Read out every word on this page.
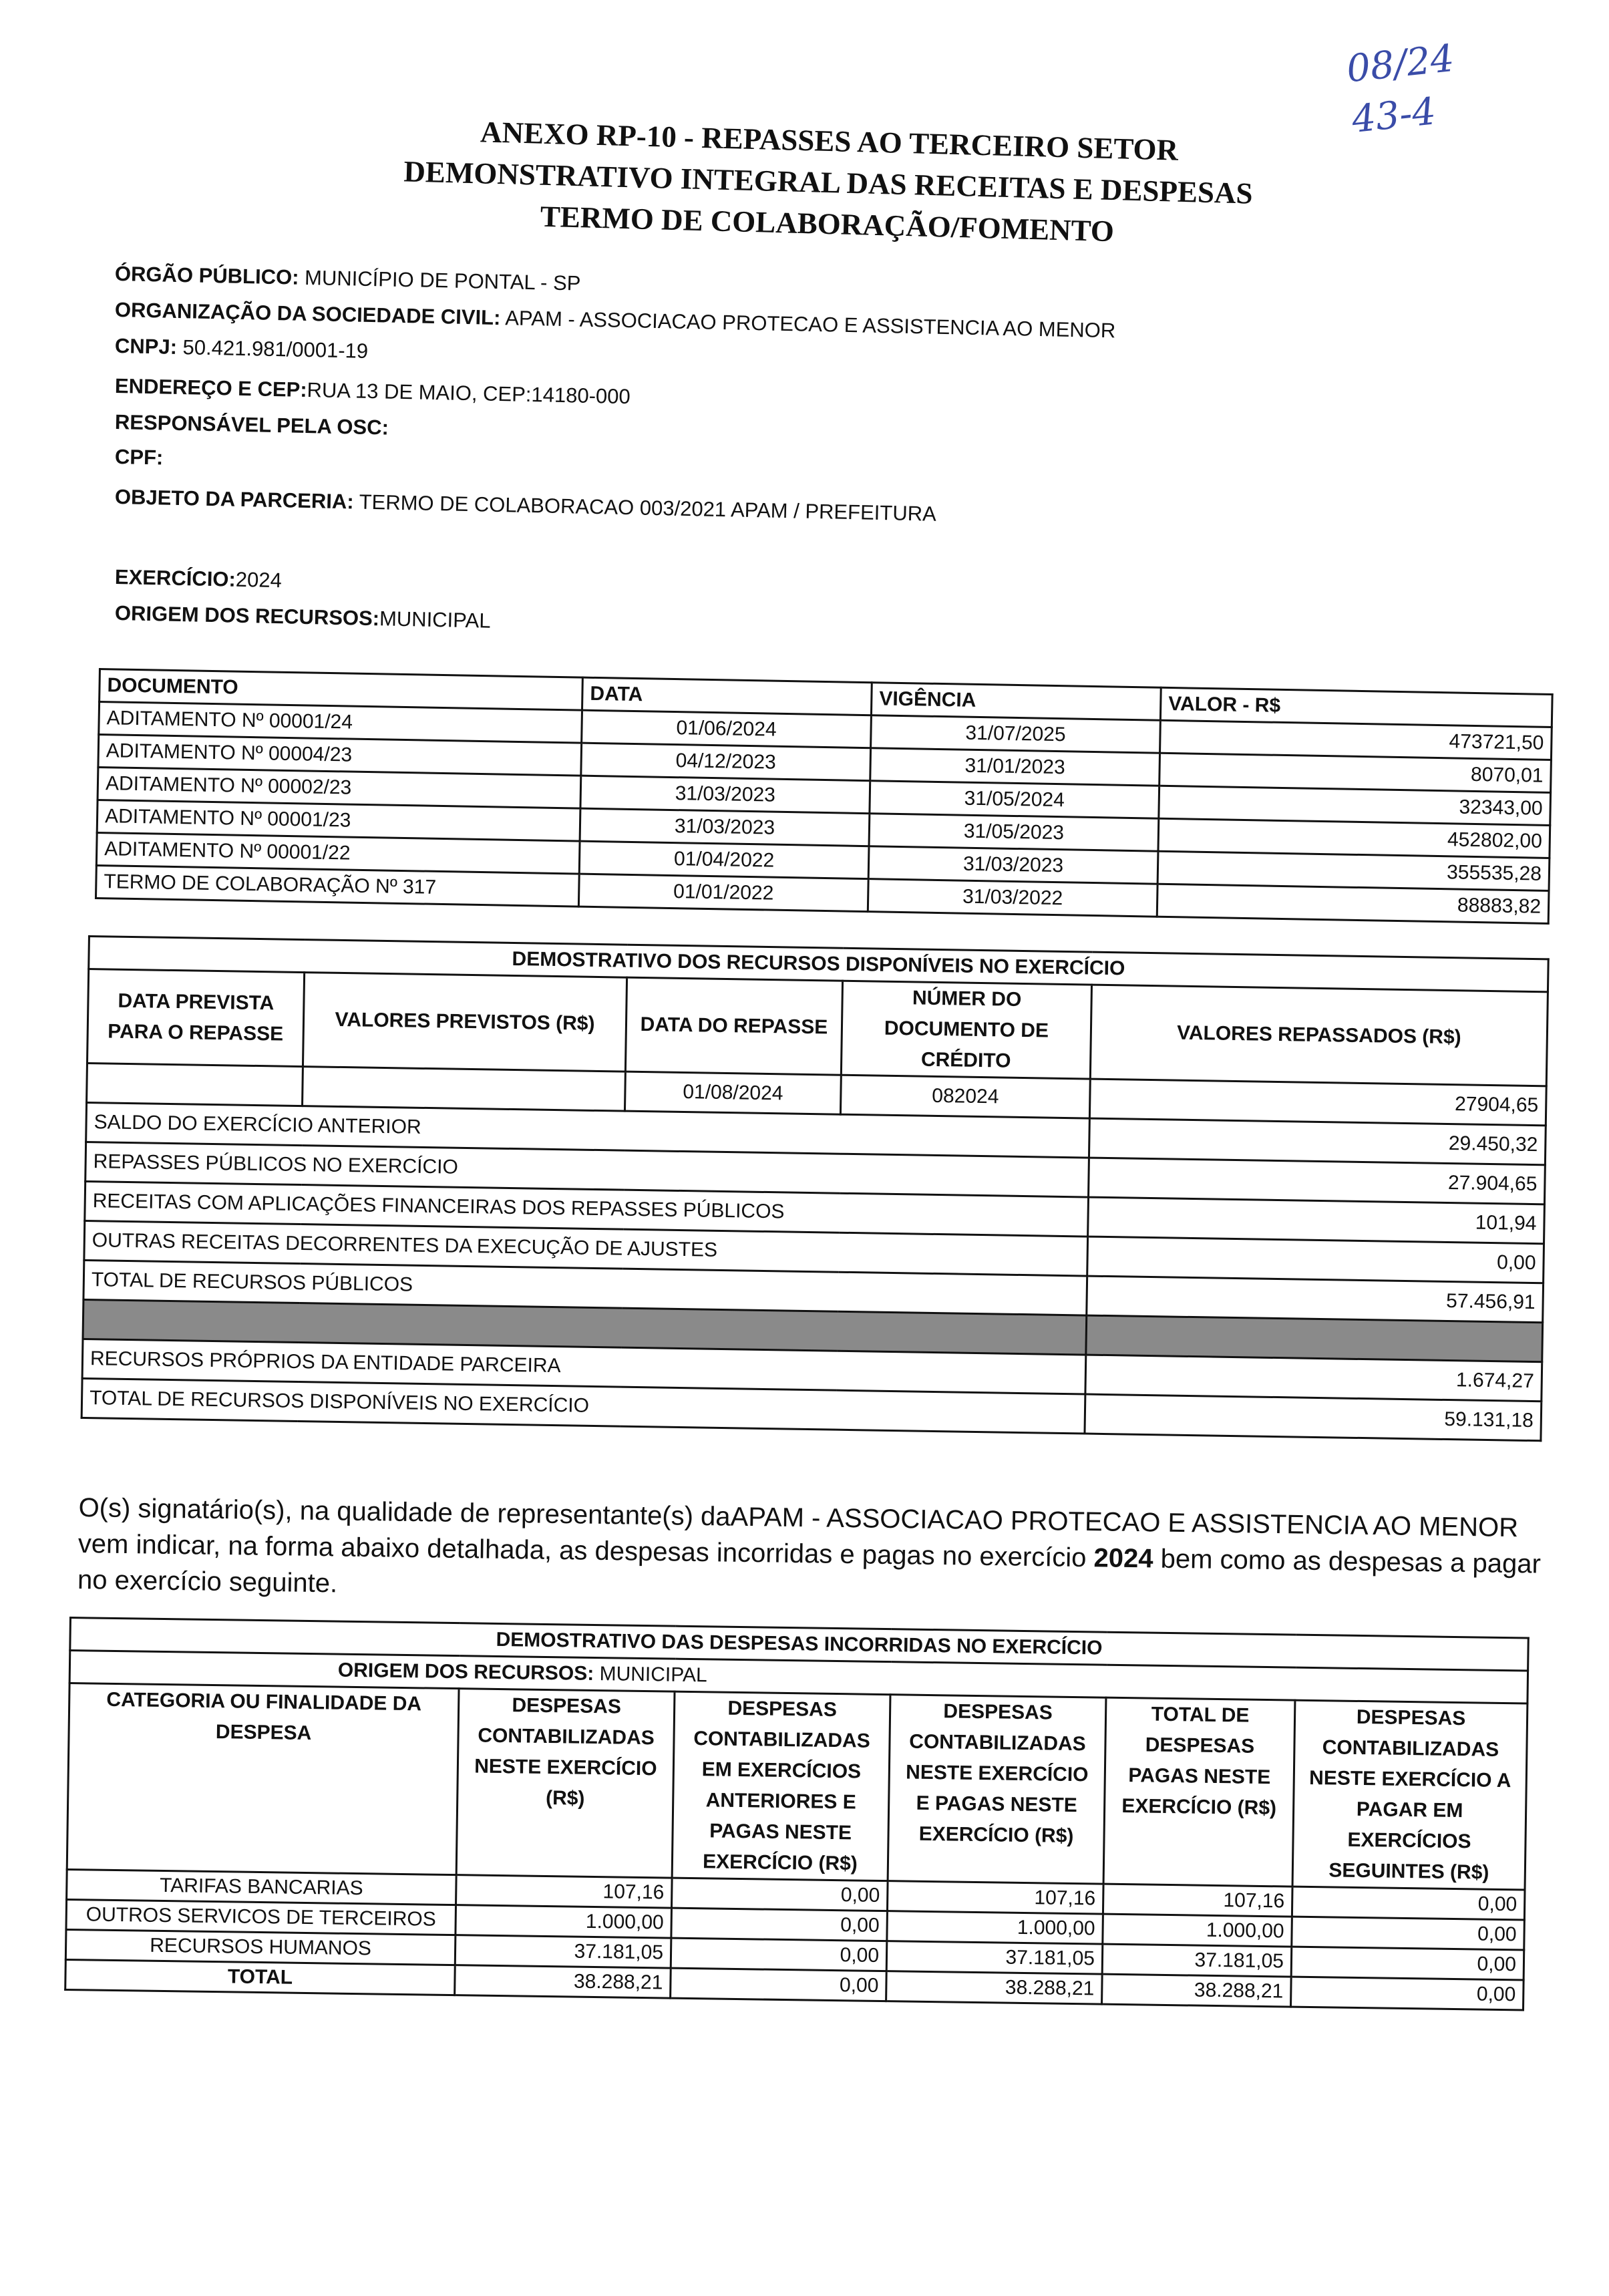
08/24
43-4
ANEXO RP-10 - REPASSES AO TERCEIRO SETOR
DEMONSTRATIVO INTEGRAL DAS RECEITAS E DESPESAS
TERMO DE COLABORAÇÃO/FOMENTO
ÓRGÃO PÚBLICO: MUNICÍPIO DE PONTAL - SP
ORGANIZAÇÃO DA SOCIEDADE CIVIL: APAM - ASSOCIACAO PROTECAO E ASSISTENCIA AO MENOR
CNPJ: 50.421.981/0001-19
ENDEREÇO E CEP:RUA 13 DE MAIO, CEP:14180-000
RESPONSÁVEL PELA OSC:
CPF:
OBJETO DA PARCERIA: TERMO DE COLABORACAO 003/2021 APAM / PREFEITURA
EXERCÍCIO:2024
ORIGEM DOS RECURSOS:MUNICIPAL
DOCUMENTO	DATA	VIGÊNCIA	VALOR - R$
ADITAMENTO Nº 00001/24	01/06/2024	31/07/2025	473721,50
ADITAMENTO Nº 00004/23	04/12/2023	31/01/2023	8070,01
ADITAMENTO Nº 00002/23	31/03/2023	31/05/2024	32343,00
ADITAMENTO Nº 00001/23	31/03/2023	31/05/2023	452802,00
ADITAMENTO Nº 00001/22	01/04/2022	31/03/2023	355535,28
TERMO DE COLABORAÇÃO Nº 317	01/01/2022	31/03/2022	88883,82
DEMOSTRATIVO DOS RECURSOS DISPONÍVEIS NO EXERCÍCIO				
DATA PREVISTA PARA O REPASSE	VALORES PREVISTOS (R$)	DATA DO REPASSE	NÚMER DO DOCUMENTO DE CRÉDITO	VALORES REPASSADOS (R$)
		01/08/2024	082024	27904,65
SALDO DO EXERCÍCIO ANTERIOR				29.450,32
REPASSES PÚBLICOS NO EXERCÍCIO				27.904,65
RECEITAS COM APLICAÇÕES FINANCEIRAS DOS REPASSES PÚBLICOS				101,94
OUTRAS RECEITAS DECORRENTES DA EXECUÇÃO DE AJUSTES				0,00
TOTAL DE RECURSOS PÚBLICOS				57.456,91

RECURSOS PRÓPRIOS DA ENTIDADE PARCEIRA				1.674,27
TOTAL DE RECURSOS DISPONÍVEIS NO EXERCÍCIO				59.131,18
O(s) signatário(s), na qualidade de representante(s) daAPAM - ASSOCIACAO PROTECAO E ASSISTENCIA AO MENOR vem indicar, na forma abaixo detalhada, as despesas incorridas e pagas no exercício 2024 bem como as despesas a pagar no exercício seguinte.
DEMOSTRATIVO DAS DESPESAS INCORRIDAS NO EXERCÍCIO					
ORIGEM DOS RECURSOS: MUNICIPAL					
CATEGORIA OU FINALIDADE DA DESPESA	DESPESAS CONTABILIZADAS NESTE EXERCÍCIO (R$)	DESPESAS CONTABILIZADAS EM EXERCÍCIOS ANTERIORES E PAGAS NESTE EXERCÍCIO (R$)	DESPESAS CONTABILIZADAS NESTE EXERCÍCIO E PAGAS NESTE EXERCÍCIO (R$)	TOTAL DE DESPESAS PAGAS NESTE EXERCÍCIO (R$)	DESPESAS CONTABILIZADAS NESTE EXERCÍCIO A PAGAR EM EXERCÍCIOS SEGUINTES (R$)
TARIFAS BANCARIAS	107,16	0,00	107,16	107,16	0,00
OUTROS SERVICOS DE TERCEIROS	1.000,00	0,00	1.000,00	1.000,00	0,00
RECURSOS HUMANOS	37.181,05	0,00	37.181,05	37.181,05	0,00
TOTAL	38.288,21	0,00	38.288,21	38.288,21	0,00
